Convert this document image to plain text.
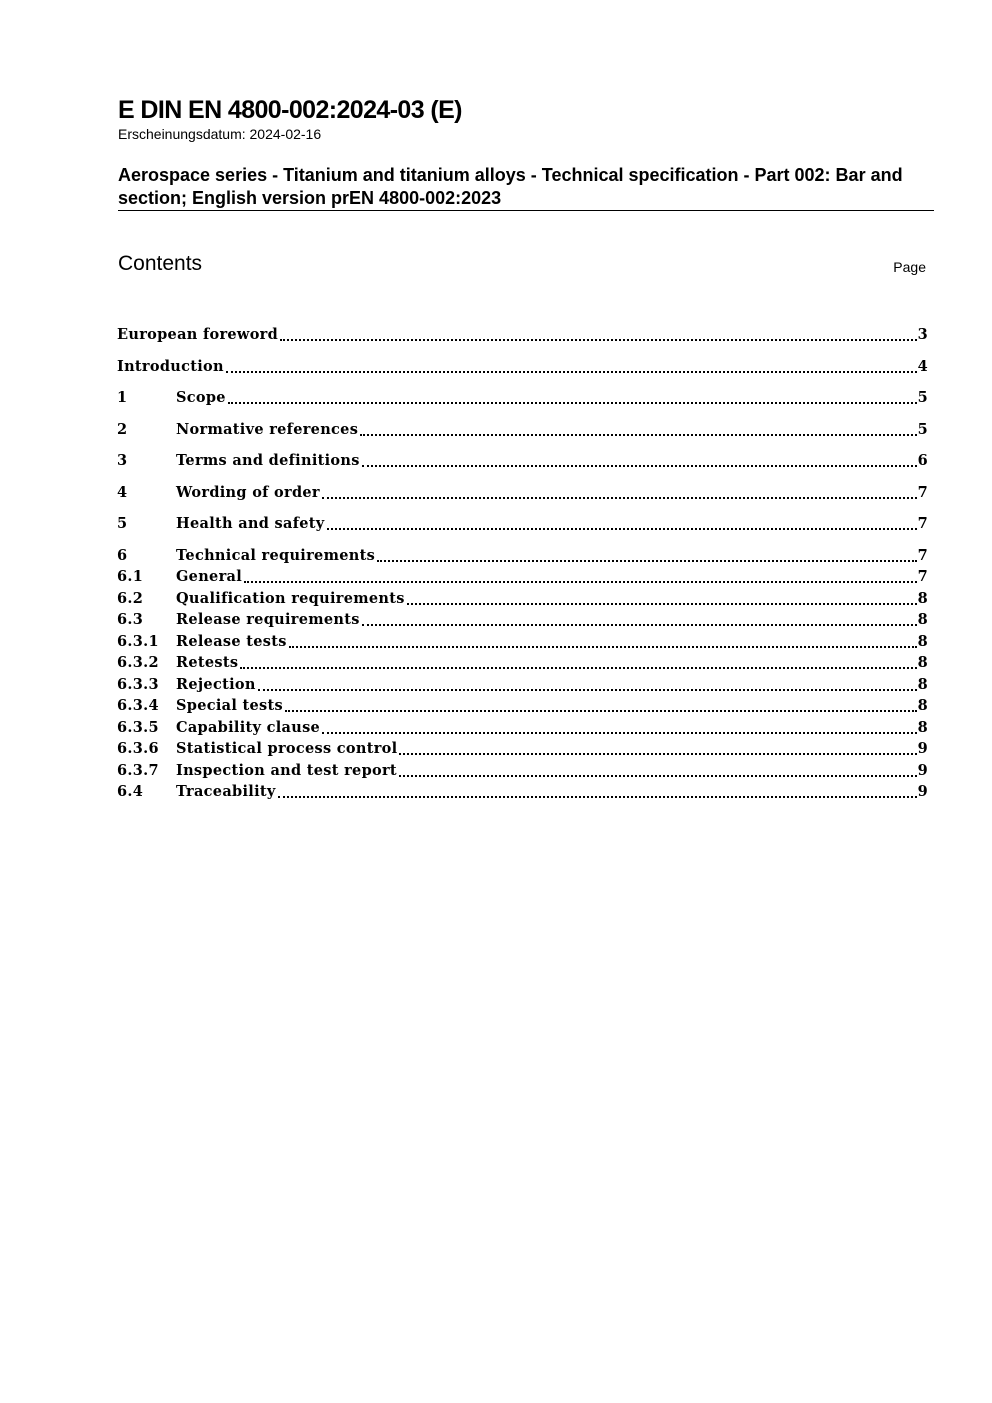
E DIN EN 4800-002:2024-03 (E)
Erscheinungsdatum: 2024-02-16
Aerospace series - Titanium and titanium alloys - Technical specification - Part 002: Bar and section; English version prEN 4800-002:2023
Contents	Page
European foreword	3
Introduction	4
1	Scope	5
2	Normative references	5
3	Terms and definitions	6
4	Wording of order	7
5	Health and safety	7
6	Technical requirements	7
6.1	General	7
6.2	Qualification requirements	8
6.3	Release requirements	8
6.3.1	Release tests	8
6.3.2	Retests	8
6.3.3	Rejection	8
6.3.4	Special tests	8
6.3.5	Capability clause	8
6.3.6	Statistical process control	9
6.3.7	Inspection and test report	9
6.4	Traceability	9
